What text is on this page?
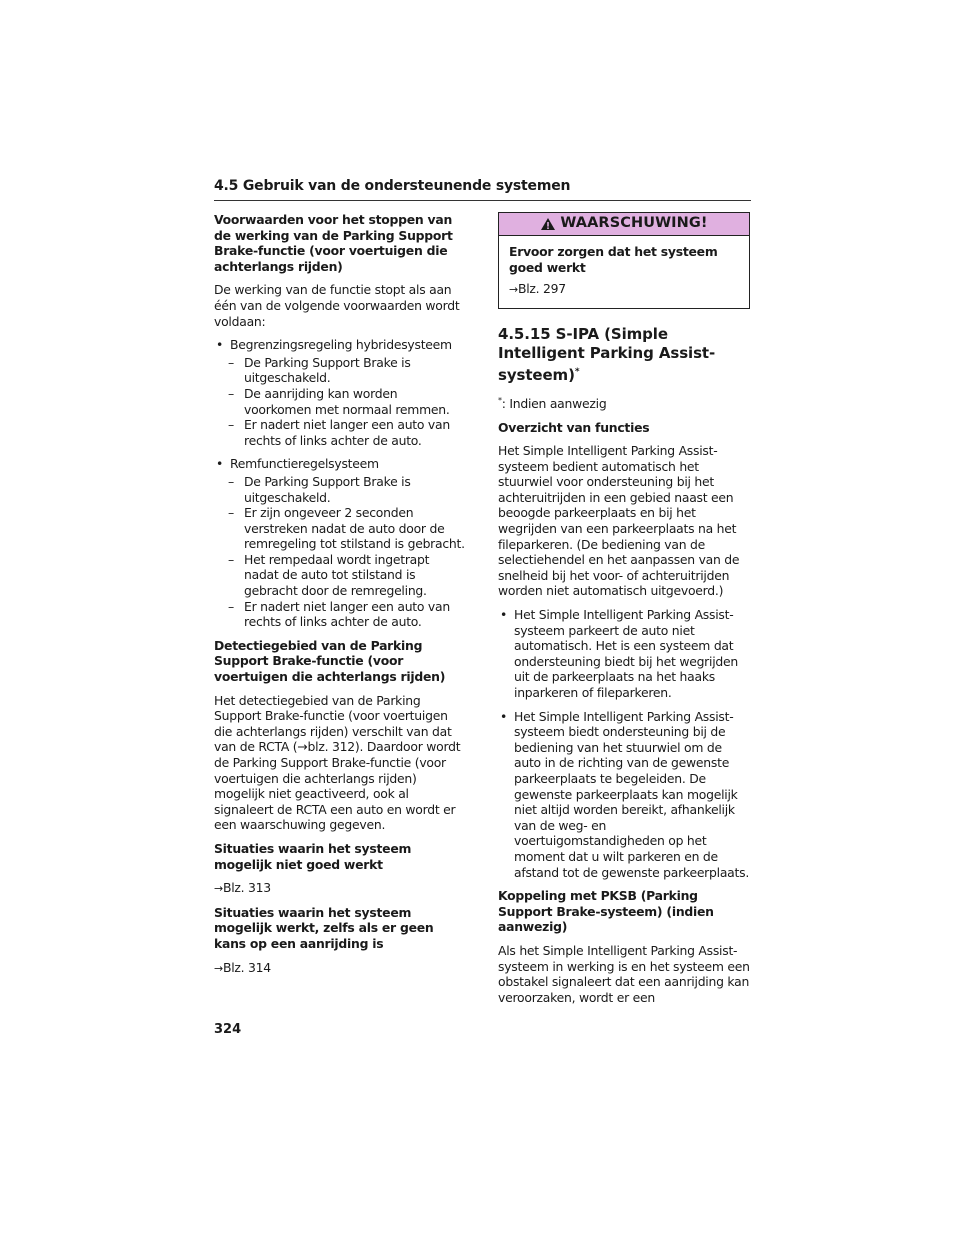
4.5 Gebruik van de ondersteunende systemen

Voorwaarden voor het stoppen van de werking van de Parking Support Brake-functie (voor voertuigen die achterlangs rijden)

De werking van de functie stopt als aan één van de volgende voorwaarden wordt voldaan:

• Begrenzingsregeling hybridesysteem
– De Parking Support Brake is uitgeschakeld.
– De aanrijding kan worden voorkomen met normaal remmen.
– Er nadert niet langer een auto van rechts of links achter de auto.
• Remfunctieregelsysteem
– De Parking Support Brake is uitgeschakeld.
– Er zijn ongeveer 2 seconden verstreken nadat de auto door de remregeling tot stilstand is gebracht.
– Het rempedaal wordt ingetrapt nadat de auto tot stilstand is gebracht door de remregeling.
– Er nadert niet langer een auto van rechts of links achter de auto.

Detectiegebied van de Parking Support Brake-functie (voor voertuigen die achterlangs rijden)

Het detectiegebied van de Parking Support Brake-functie (voor voertuigen die achterlangs rijden) verschilt van dat van de RCTA (→blz. 312). Daardoor wordt de Parking Support Brake-functie (voor voertuigen die achterlangs rijden) mogelijk niet geactiveerd, ook al signaleert de RCTA een auto en wordt er een waarschuwing gegeven.

Situaties waarin het systeem mogelijk niet goed werkt

→Blz. 313

Situaties waarin het systeem mogelijk werkt, zelfs als er geen kans op een aanrijding is

→Blz. 314

WAARSCHUWING!

Ervoor zorgen dat het systeem goed werkt

→Blz. 297

4.5.15 S-IPA (Simple Intelligent Parking Assist-systeem)*

*: Indien aanwezig

Overzicht van functies

Het Simple Intelligent Parking Assist-systeem bedient automatisch het stuurwiel voor ondersteuning bij het achteruitrijden in een gebied naast een beoogde parkeerplaats en bij het wegrijden van een parkeerplaats na het fileparkeren. (De bediening van de selectiehendel en het aanpassen van de snelheid bij het voor- of achteruitrijden worden niet automatisch uitgevoerd.)

• Het Simple Intelligent Parking Assist-systeem parkeert de auto niet automatisch. Het is een systeem dat ondersteuning biedt bij het wegrijden uit de parkeerplaats na het haaks inparkeren of fileparkeren.
• Het Simple Intelligent Parking Assist-systeem biedt ondersteuning bij de bediening van het stuurwiel om de auto in de richting van de gewenste parkeerplaats te begeleiden. De gewenste parkeerplaats kan mogelijk niet altijd worden bereikt, afhankelijk van de weg- en voertuigomstandigheden op het moment dat u wilt parkeren en de afstand tot de gewenste parkeerplaats.

Koppeling met PKSB (Parking Support Brake-systeem) (indien aanwezig)

Als het Simple Intelligent Parking Assist-systeem in werking is en het systeem een obstakel signaleert dat een aanrijding kan veroorzaken, wordt er een

324
